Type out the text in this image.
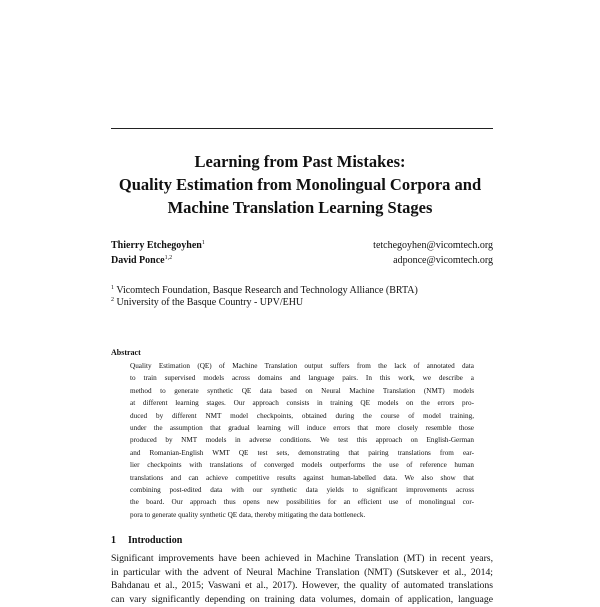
Learning from Past Mistakes:
Quality Estimation from Monolingual Corpora and
Machine Translation Learning Stages
Thierry Etchegoyhen$^1$
David Ponce$^{1,2}$
tetchegoyhen@vicomtech.org
adponce@vicomtech.org
$^1$ Vicomtech Foundation, Basque Research and Technology Alliance (BRTA)
$^2$ University of the Basque Country - UPV/EHU
Abstract
Quality Estimation (QE) of Machine Translation output suffers from the lack of annotated data
to train supervised models across domains and language pairs. In this work, we describe a
method to generate synthetic QE data based on Neural Machine Translation (NMT) models
at different learning stages. Our approach consists in training QE models on the errors pro-
duced by different NMT model checkpoints, obtained during the course of model training,
under the assumption that gradual learning will induce errors that more closely resemble those
produced by NMT models in adverse conditions. We test this approach on English-German
and Romanian-English WMT QE test sets, demonstrating that pairing translations from ear-
lier checkpoints with translations of converged models outperforms the use of reference human
translations and can achieve competitive results against human-labelled data. We also show that
combining post-edited data with our synthetic data yields to significant improvements across
the board. Our approach thus opens new possibilities for an efficient use of monolingual cor-
pora to generate quality synthetic QE data, thereby mitigating the data bottleneck.
1 Introduction
Significant improvements have been achieved in Machine Translation (MT) in recent years,
in particular with the advent of Neural Machine Translation (NMT) (Sutskever et al., 2014;
Bahdanau et al., 2015; Vaswani et al., 2017). However, the quality of automated translations
can vary significantly depending on training data volumes, domain of application, language
